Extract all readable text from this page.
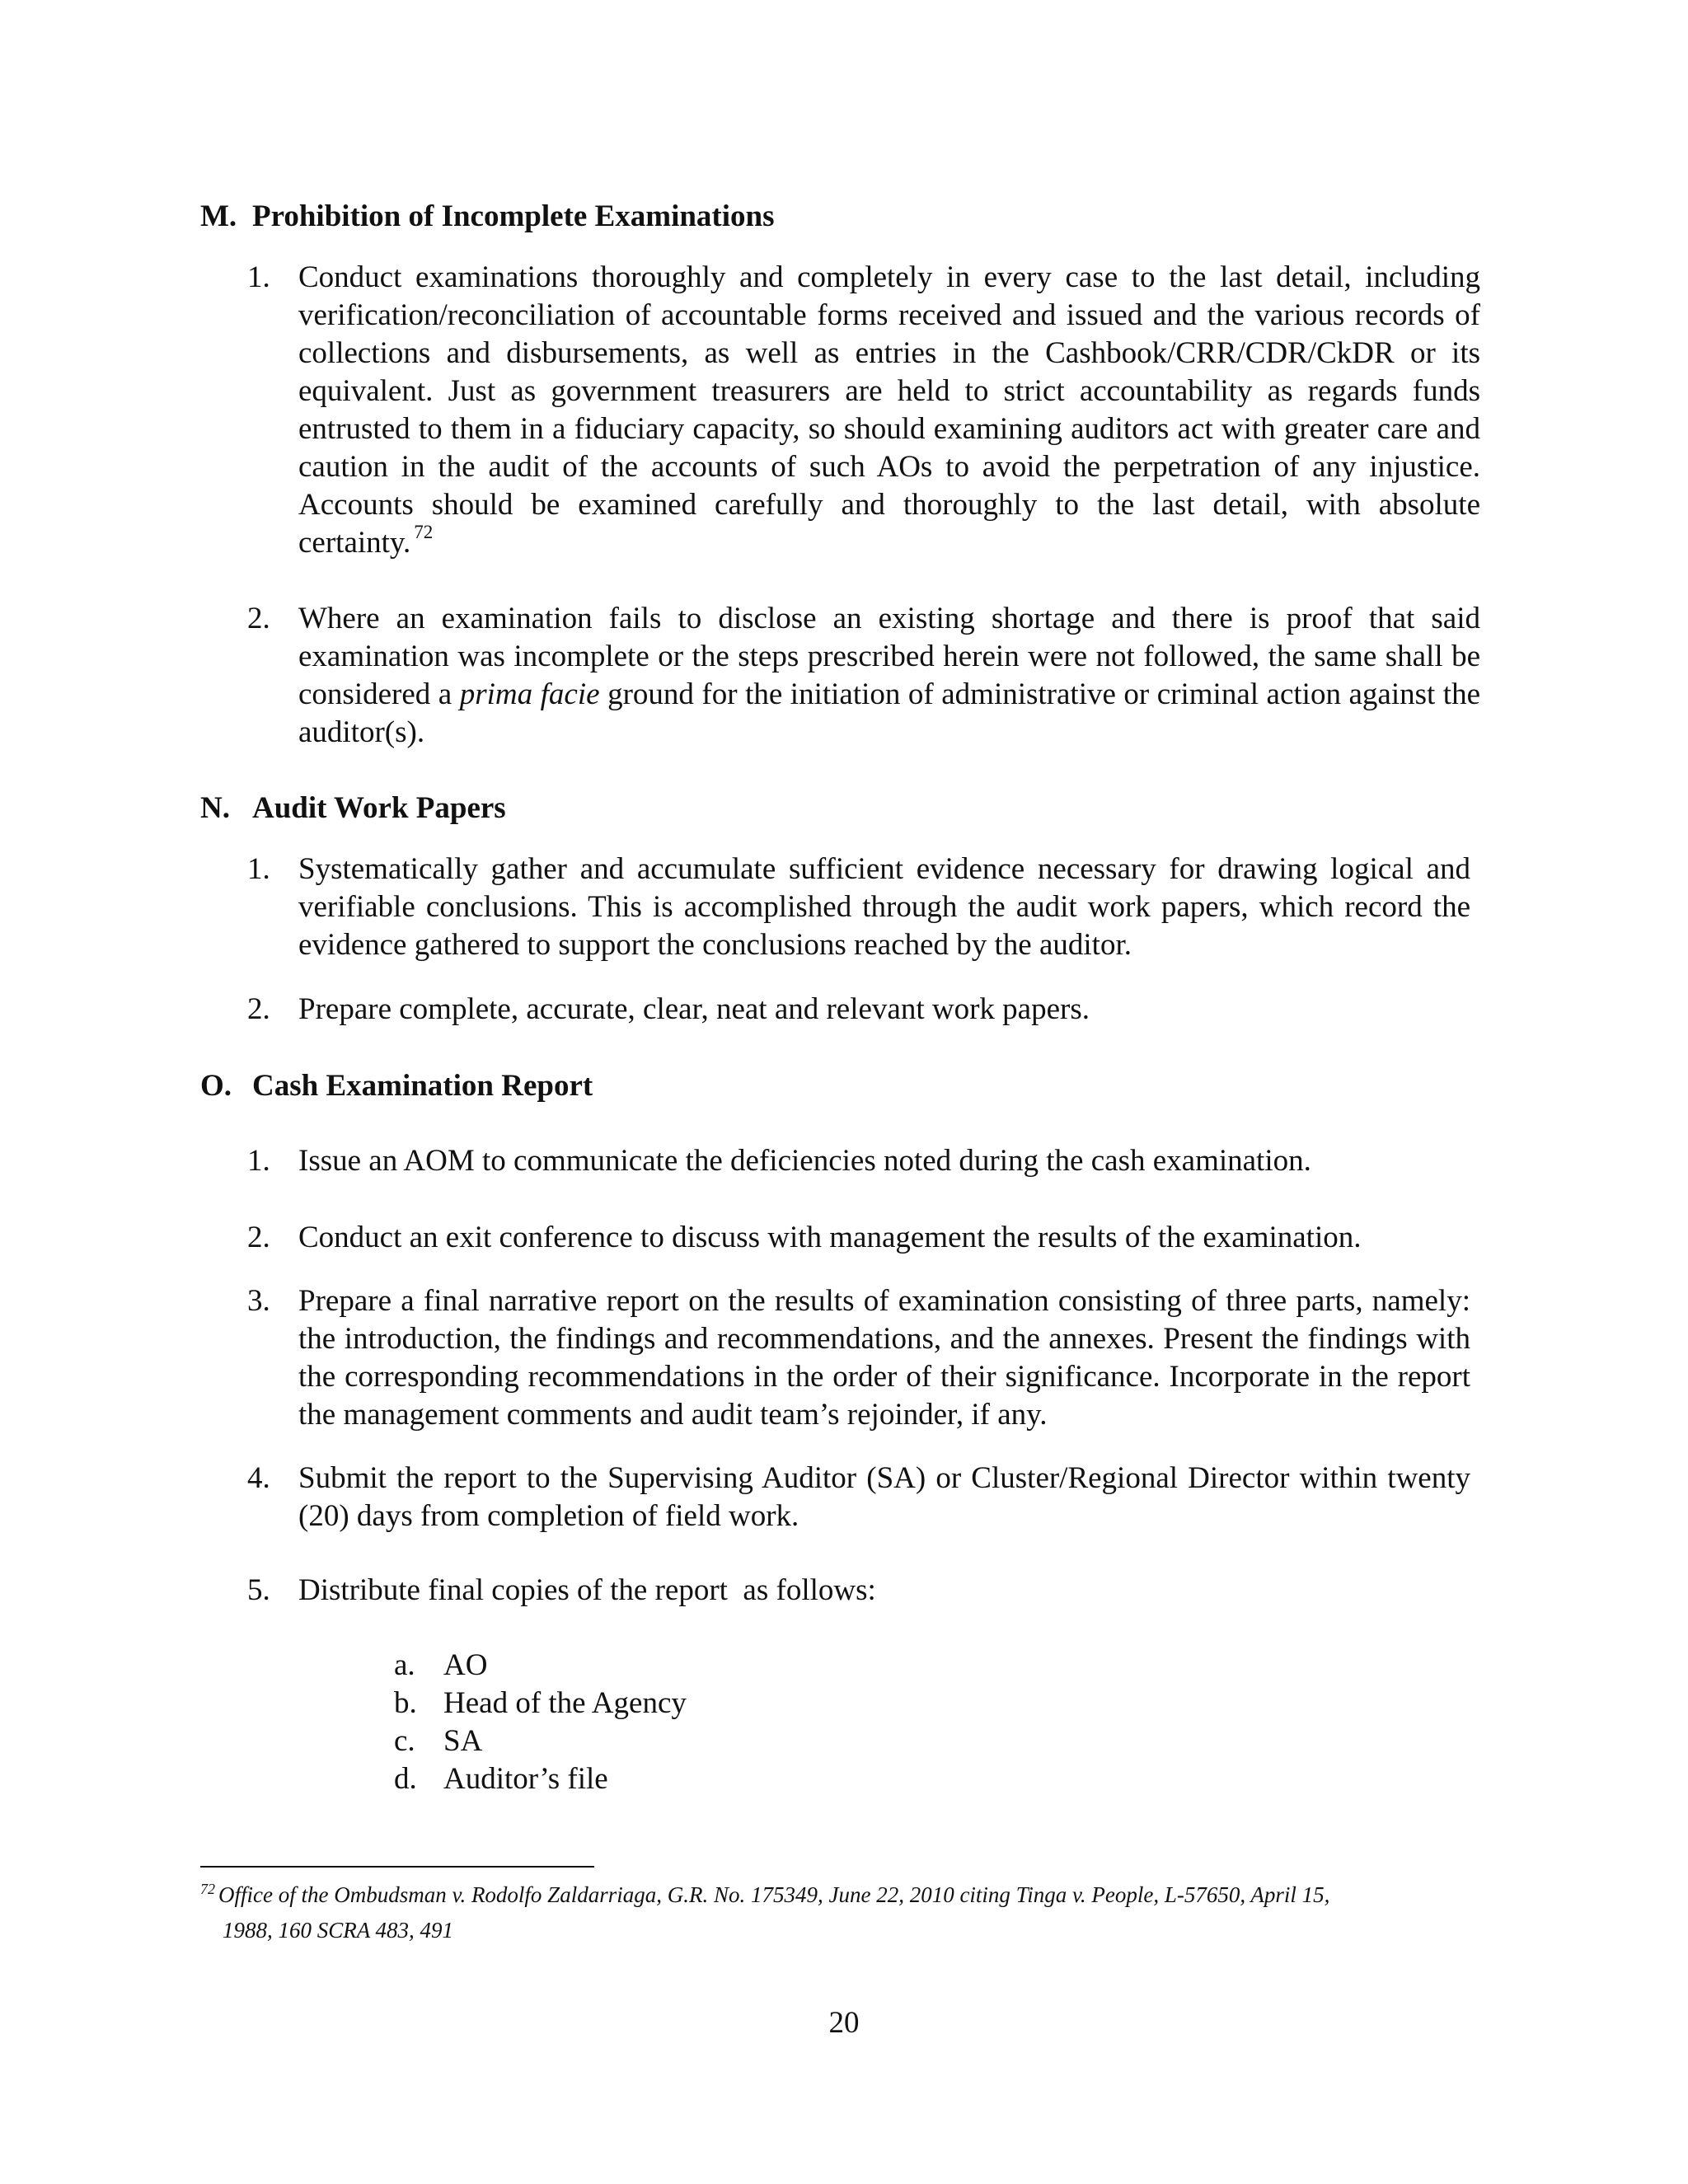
M. Prohibition of Incomplete Examinations
1. Conduct examinations thoroughly and completely in every case to the last detail, including verification/reconciliation of accountable forms received and issued and the various records of collections and disbursements, as well as entries in the Cashbook/CRR/CDR/CkDR or its equivalent. Just as government treasurers are held to strict accountability as regards funds entrusted to them in a fiduciary capacity, so should examining auditors act with greater care and caution in the audit of the accounts of such AOs to avoid the perpetration of any injustice. Accounts should be examined carefully and thoroughly to the last detail, with absolute certainty. $^{72}$
2. Where an examination fails to disclose an existing shortage and there is proof that said examination was incomplete or the steps prescribed herein were not followed, the same shall be considered a prima facie ground for the initiation of administrative or criminal action against the auditor(s).
N. Audit Work Papers
1. Systematically gather and accumulate sufficient evidence necessary for drawing logical and verifiable conclusions. This is accomplished through the audit work papers, which record the evidence gathered to support the conclusions reached by the auditor.
2. Prepare complete, accurate, clear, neat and relevant work papers.
O. Cash Examination Report
1. Issue an AOM to communicate the deficiencies noted during the cash examination.
2. Conduct an exit conference to discuss with management the results of the examination.
3. Prepare a final narrative report on the results of examination consisting of three parts, namely: the introduction, the findings and recommendations, and the annexes. Present the findings with the corresponding recommendations in the order of their significance. Incorporate in the report the management comments and audit team’s rejoinder, if any.
4. Submit the report to the Supervising Auditor (SA) or Cluster/Regional Director within twenty (20) days from completion of field work.

5.

Distribute final copies of the report  as follows:

a. AO
b. Head of the Agency
c. SA
d. Auditor’s file
$^{72}$ Office of the Ombudsman v. Rodolfo Zaldarriaga, G.R. No. 175349, June 22, 2010 citing Tinga v. People, L-57650, April 15,
1988, 160 SCRA 483, 491
20
